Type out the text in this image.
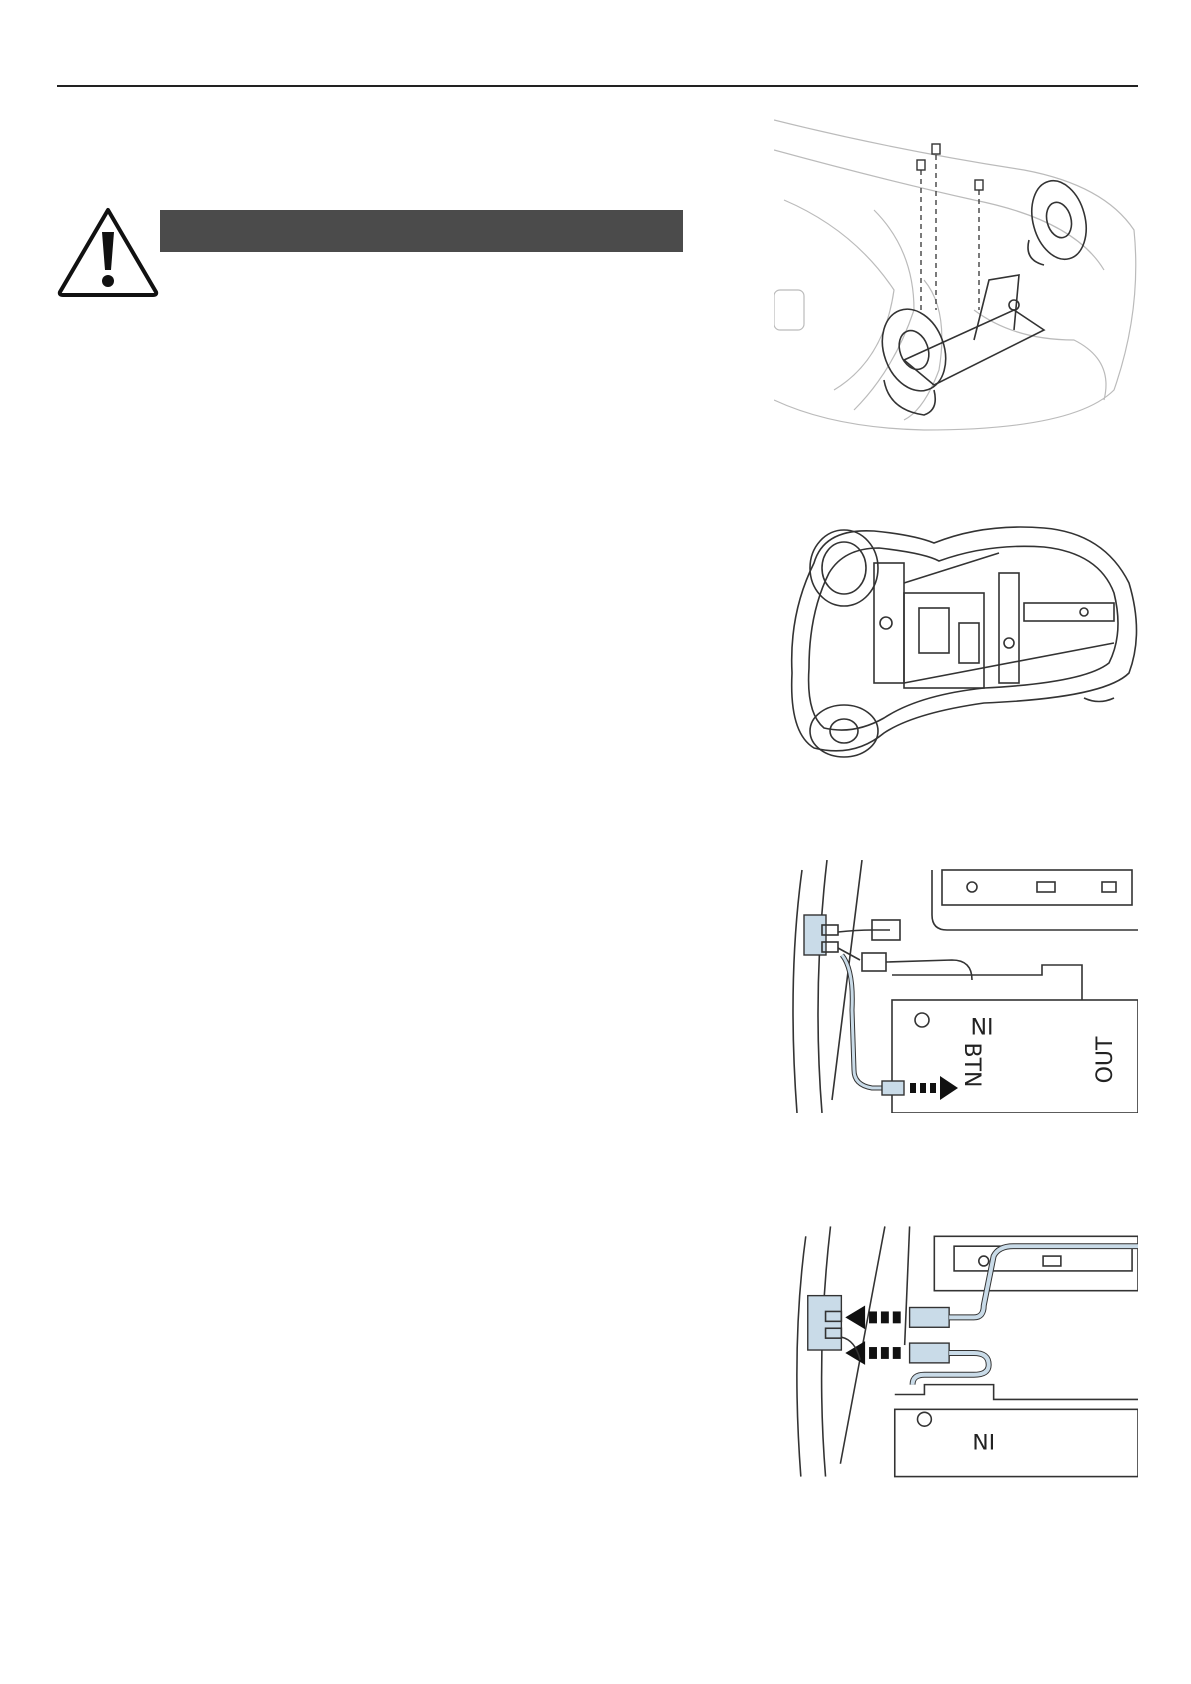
IN
BTN	OUT
IN
